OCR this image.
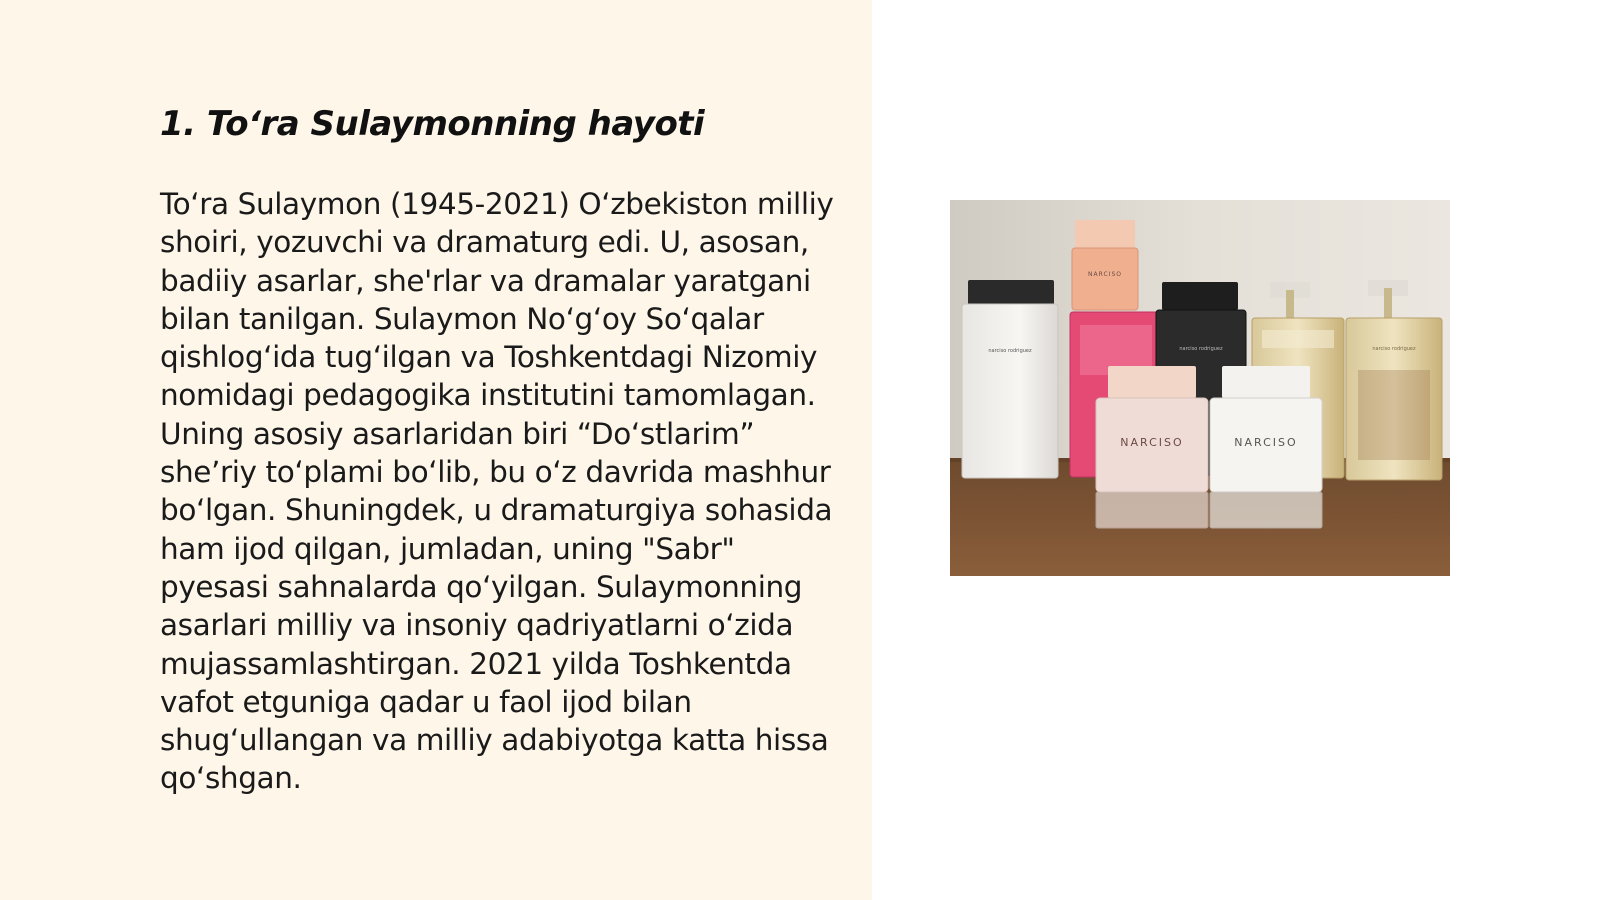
1. To‘ra Sulaymonning hayoti

To‘ra Sulaymon (1945-2021) O‘zbekiston milliy shoiri, yozuvchi va dramaturg edi. U, asosan, badiiy asarlar, she'rlar va dramalar yaratgani bilan tanilgan. Sulaymon No‘g‘oy So‘qalar qishlog‘ida tug‘ilgan va Toshkentdagi Nizomiy nomidagi pedagogika institutini tamomlagan. Uning asosiy asarlaridan biri “Do‘stlarim” she’riy to‘plami bo‘lib, bu o‘z davrida mashhur bo‘lgan. Shuningdek, u dramaturgiya sohasida ham ijod qilgan, jumladan, uning "Sabr" pyesasi sahnalarda qo‘yilgan. Sulaymonning asarlari milliy va insoniy qadriyatlarni o‘zida mujassamlashtirgan. 2021 yilda Toshkentda vafot etguniga qadar u faol ijod bilan shug‘ullangan va milliy adabiyotga katta hissa qo‘shgan.

narciso rodriguez
NARCISO
narciso rodriguez	narciso rodriguez
NARCISO	NARCISO
